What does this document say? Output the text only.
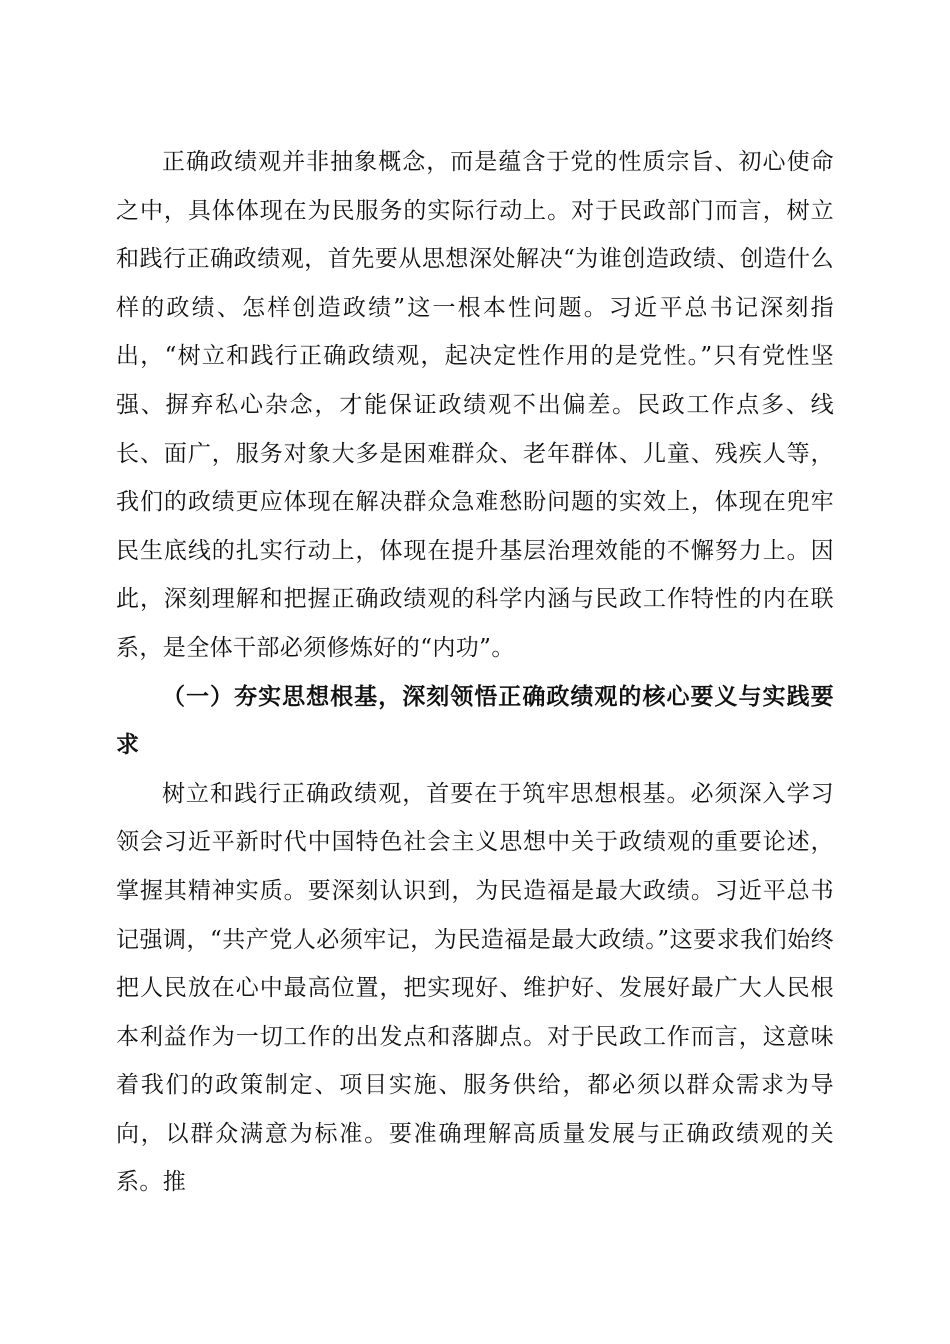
正确政绩观并非抽象概念，而是蕴含于党的性质宗旨、初心使命之中，具体体现在为民服务的实际行动上。对于民政部门而言，树立和践行正确政绩观，首先要从思想深处解决“为谁创造政绩、创造什么样的政绩、怎样创造政绩”这一根本性问题。习近平总书记深刻指出，“树立和践行正确政绩观，起决定性作用的是党性。”只有党性坚强、摒弃私心杂念，才能保证政绩观不出偏差。民政工作点多、线长、面广，服务对象大多是困难群众、老年群体、儿童、残疾人等，我们的政绩更应体现在解决群众急难愁盼问题的实效上，体现在兜牢民生底线的扎实行动上，体现在提升基层治理效能的不懈努力上。因此，深刻理解和把握正确政绩观的科学内涵与民政工作特性的内在联系，是全体干部必须修炼好的“内功”。

（一）夯实思想根基，深刻领悟正确政绩观的核心要义与实践要求

树立和践行正确政绩观，首要在于筑牢思想根基。必须深入学习领会习近平新时代中国特色社会主义思想中关于政绩观的重要论述，掌握其精神实质。要深刻认识到，为民造福是最大政绩。习近平总书记强调，“共产党人必须牢记，为民造福是最大政绩。”这要求我们始终把人民放在心中最高位置，把实现好、维护好、发展好最广大人民根本利益作为一切工作的出发点和落脚点。对于民政工作而言，这意味着我们的政策制定、项目实施、服务供给，都必须以群众需求为导向，以群众满意为标准。要准确理解高质量发展与正确政绩观的关系。推
